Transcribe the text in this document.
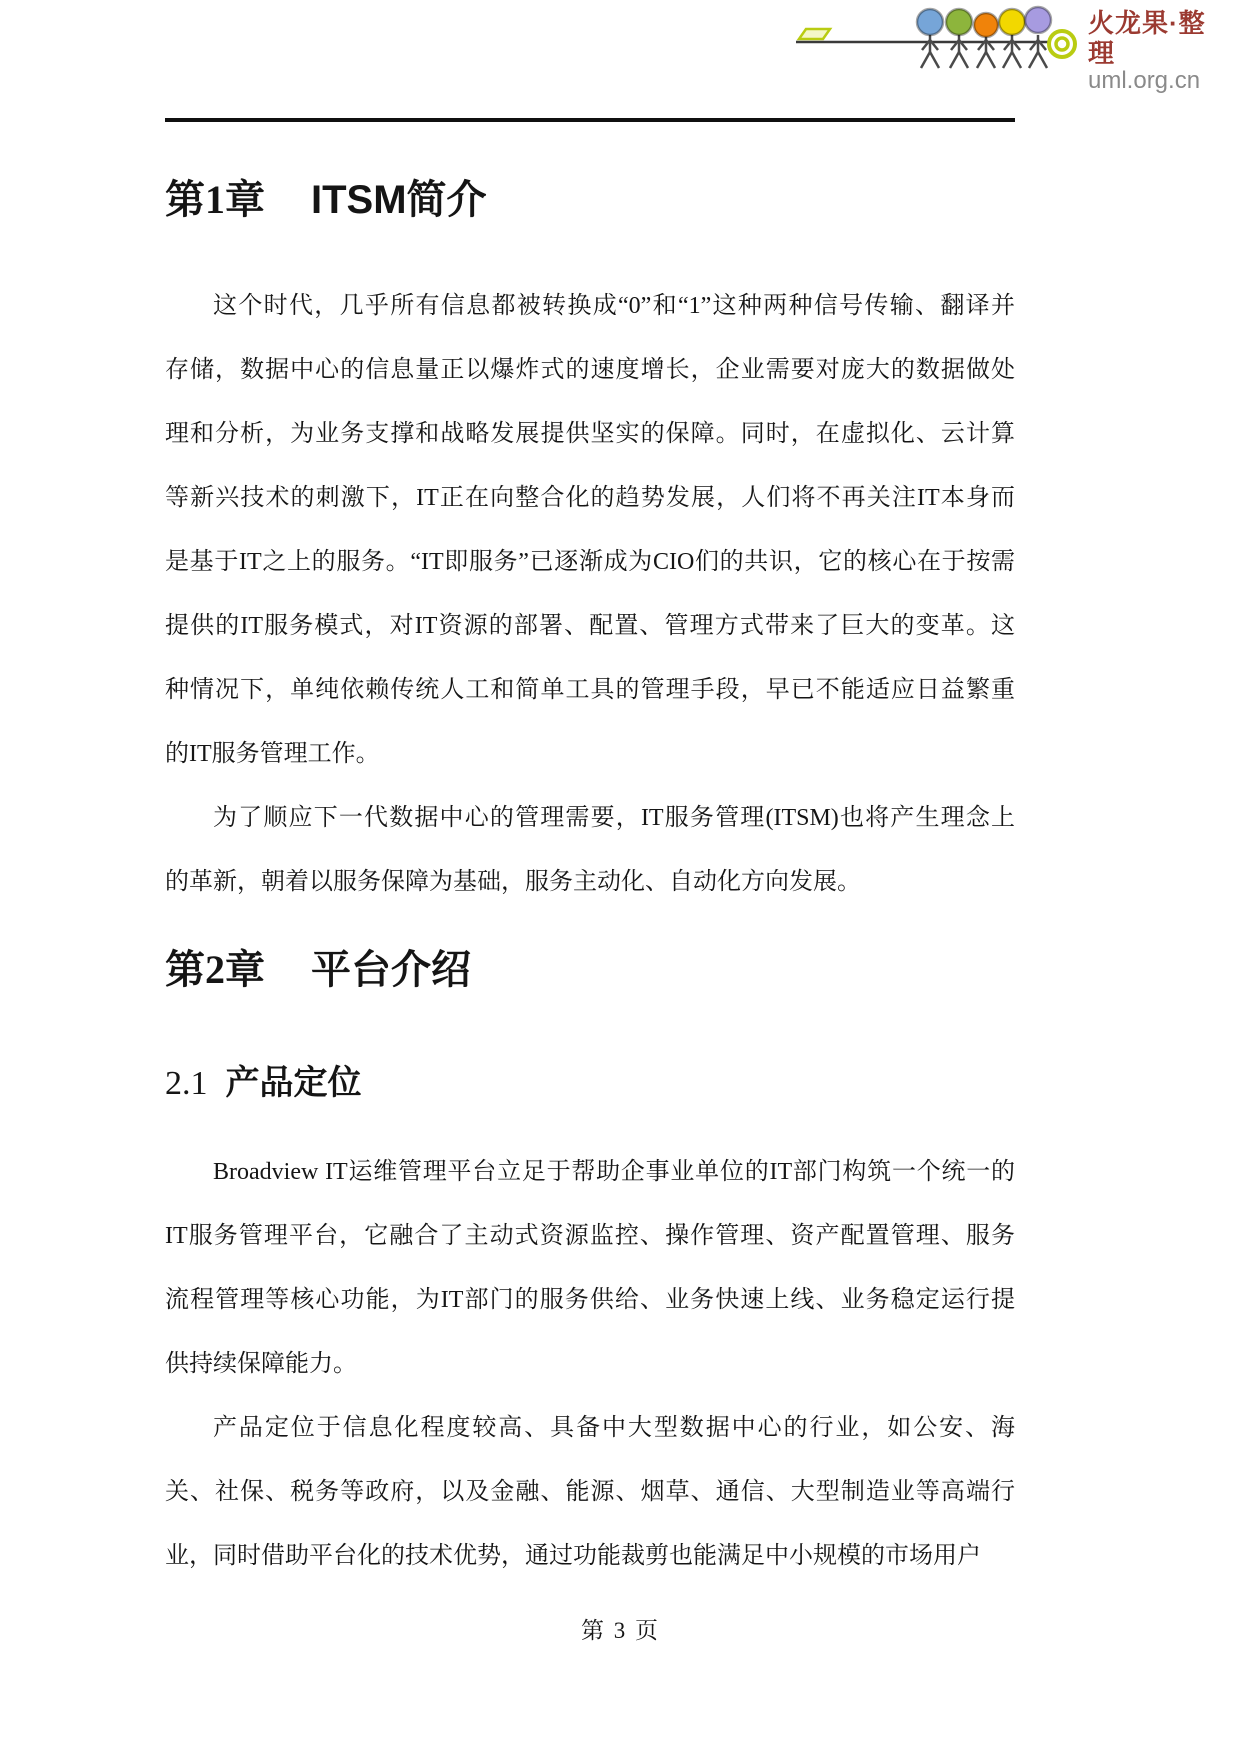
火龙果·整理
uml.org.cn
第1章 ITSM简介
这个时代，几乎所有信息都被转换成“0”和“1”这种两种信号传输、翻译并
存储，数据中心的信息量正以爆炸式的速度增长，企业需要对庞大的数据做处
理和分析，为业务支撑和战略发展提供坚实的保障。同时，在虚拟化、云计算
等新兴技术的刺激下，IT正在向整合化的趋势发展，人们将不再关注IT本身而
是基于IT之上的服务。“IT即服务”已逐渐成为CIO们的共识，它的核心在于按需
提供的IT服务模式，对IT资源的部署、配置、管理方式带来了巨大的变革。这
种情况下，单纯依赖传统人工和简单工具的管理手段，早已不能适应日益繁重
的IT服务管理工作。
为了顺应下一代数据中心的管理需要，IT服务管理(ITSM)也将产生理念上
的革新，朝着以服务保障为基础，服务主动化、自动化方向发展。
第2章 平台介绍
2.1 产品定位
Broadview IT运维管理平台立足于帮助企事业单位的IT部门构筑一个统一的
IT服务管理平台，它融合了主动式资源监控、操作管理、资产配置管理、服务
流程管理等核心功能，为IT部门的服务供给、业务快速上线、业务稳定运行提
供持续保障能力。
产品定位于信息化程度较高、具备中大型数据中心的行业，如公安、海
关、社保、税务等政府，以及金融、能源、烟草、通信、大型制造业等高端行
业，同时借助平台化的技术优势，通过功能裁剪也能满足中小规模的市场用户
第 3 页
